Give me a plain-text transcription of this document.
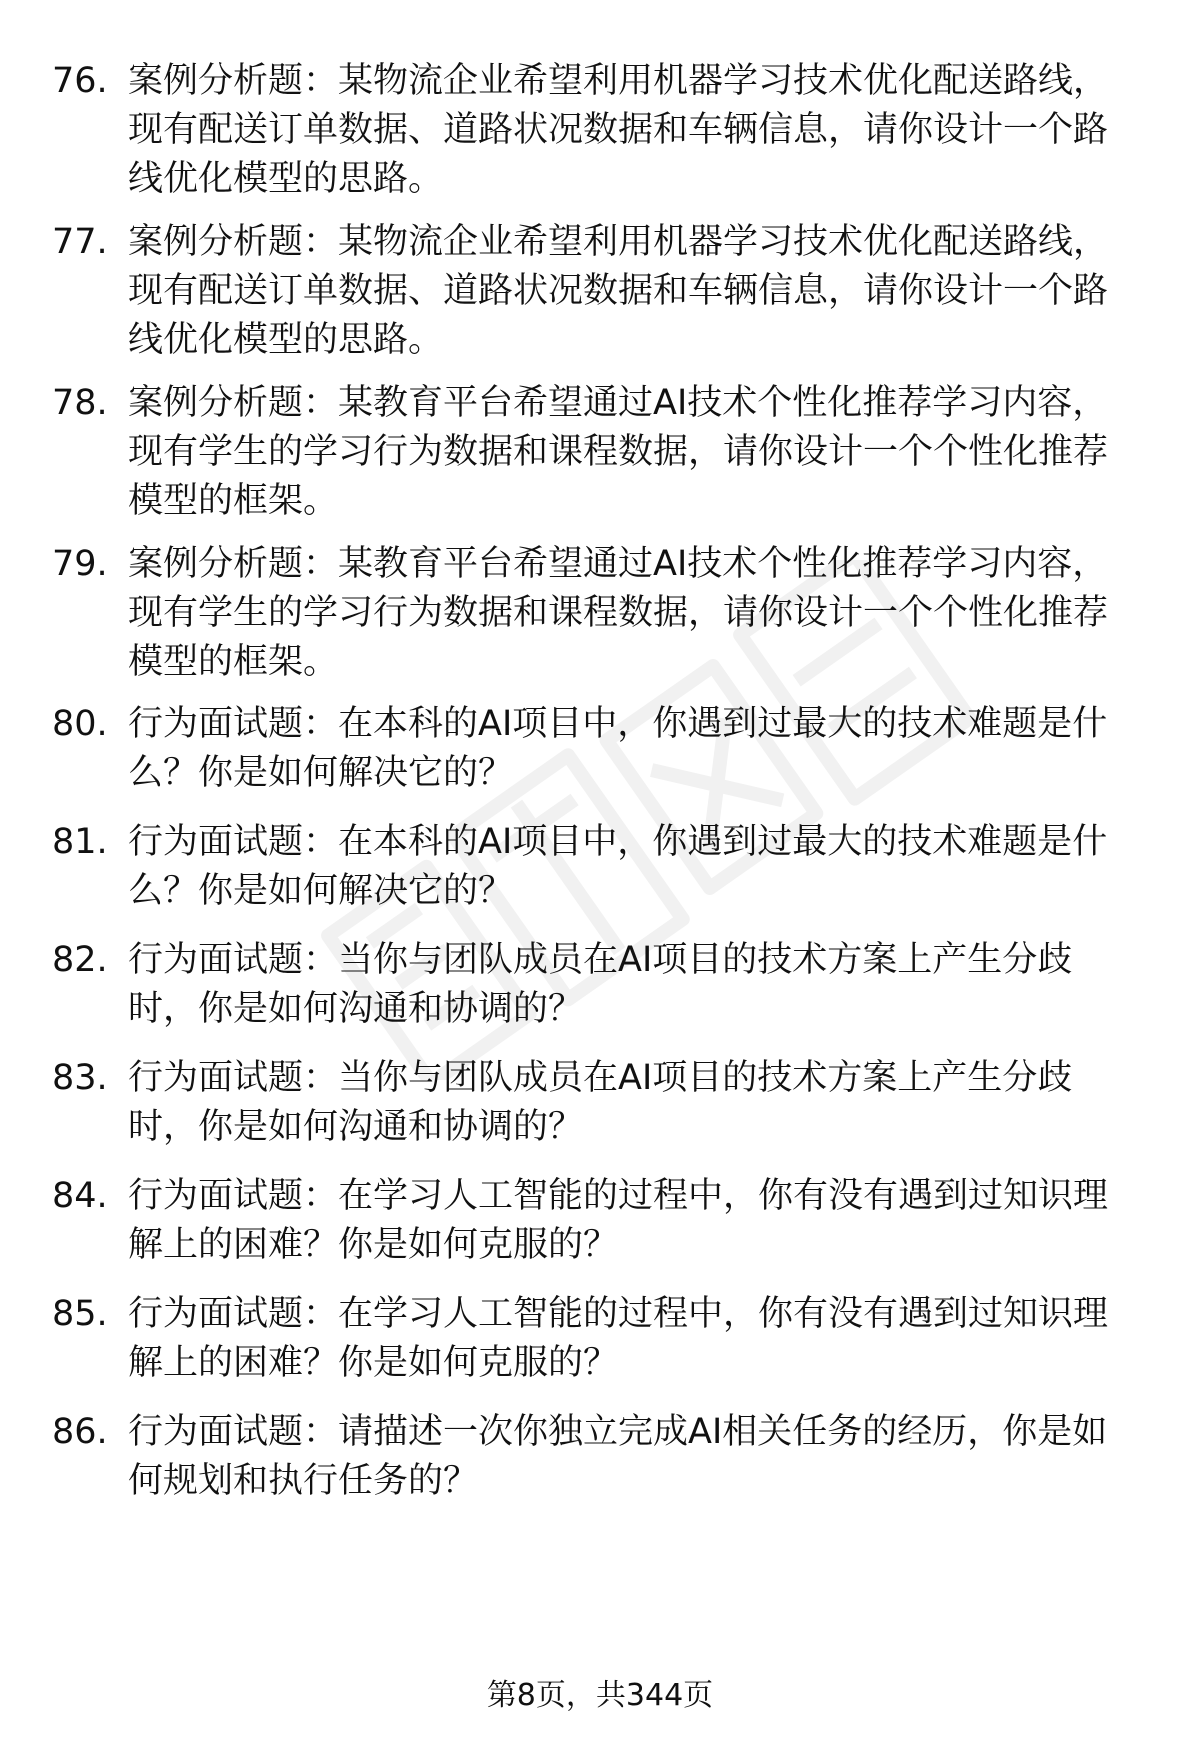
76. 案例分析题：某物流企业希望利用机器学习技术优化配送路线，现有配送订单数据、道路状况数据和车辆信息，请你设计一个路线优化模型的思路。
77. 案例分析题：某物流企业希望利用机器学习技术优化配送路线，现有配送订单数据、道路状况数据和车辆信息，请你设计一个路线优化模型的思路。
78. 案例分析题：某教育平台希望通过AI技术个性化推荐学习内容，现有学生的学习行为数据和课程数据，请你设计一个个性化推荐模型的框架。
79. 案例分析题：某教育平台希望通过AI技术个性化推荐学习内容，现有学生的学习行为数据和课程数据，请你设计一个个性化推荐模型的框架。
80. 行为面试题：在本科的AI项目中，你遇到过最大的技术难题是什么？你是如何解决它的？
81. 行为面试题：在本科的AI项目中，你遇到过最大的技术难题是什么？你是如何解决它的？
82. 行为面试题：当你与团队成员在AI项目的技术方案上产生分歧时，你是如何沟通和协调的？
83. 行为面试题：当你与团队成员在AI项目的技术方案上产生分歧时，你是如何沟通和协调的？
84. 行为面试题：在学习人工智能的过程中，你有没有遇到过知识理解上的困难？你是如何克服的？
85. 行为面试题：在学习人工智能的过程中，你有没有遇到过知识理解上的困难？你是如何克服的？
86. 行为面试题：请描述一次你独立完成AI相关任务的经历，你是如何规划和执行任务的？
第8页，共344页
